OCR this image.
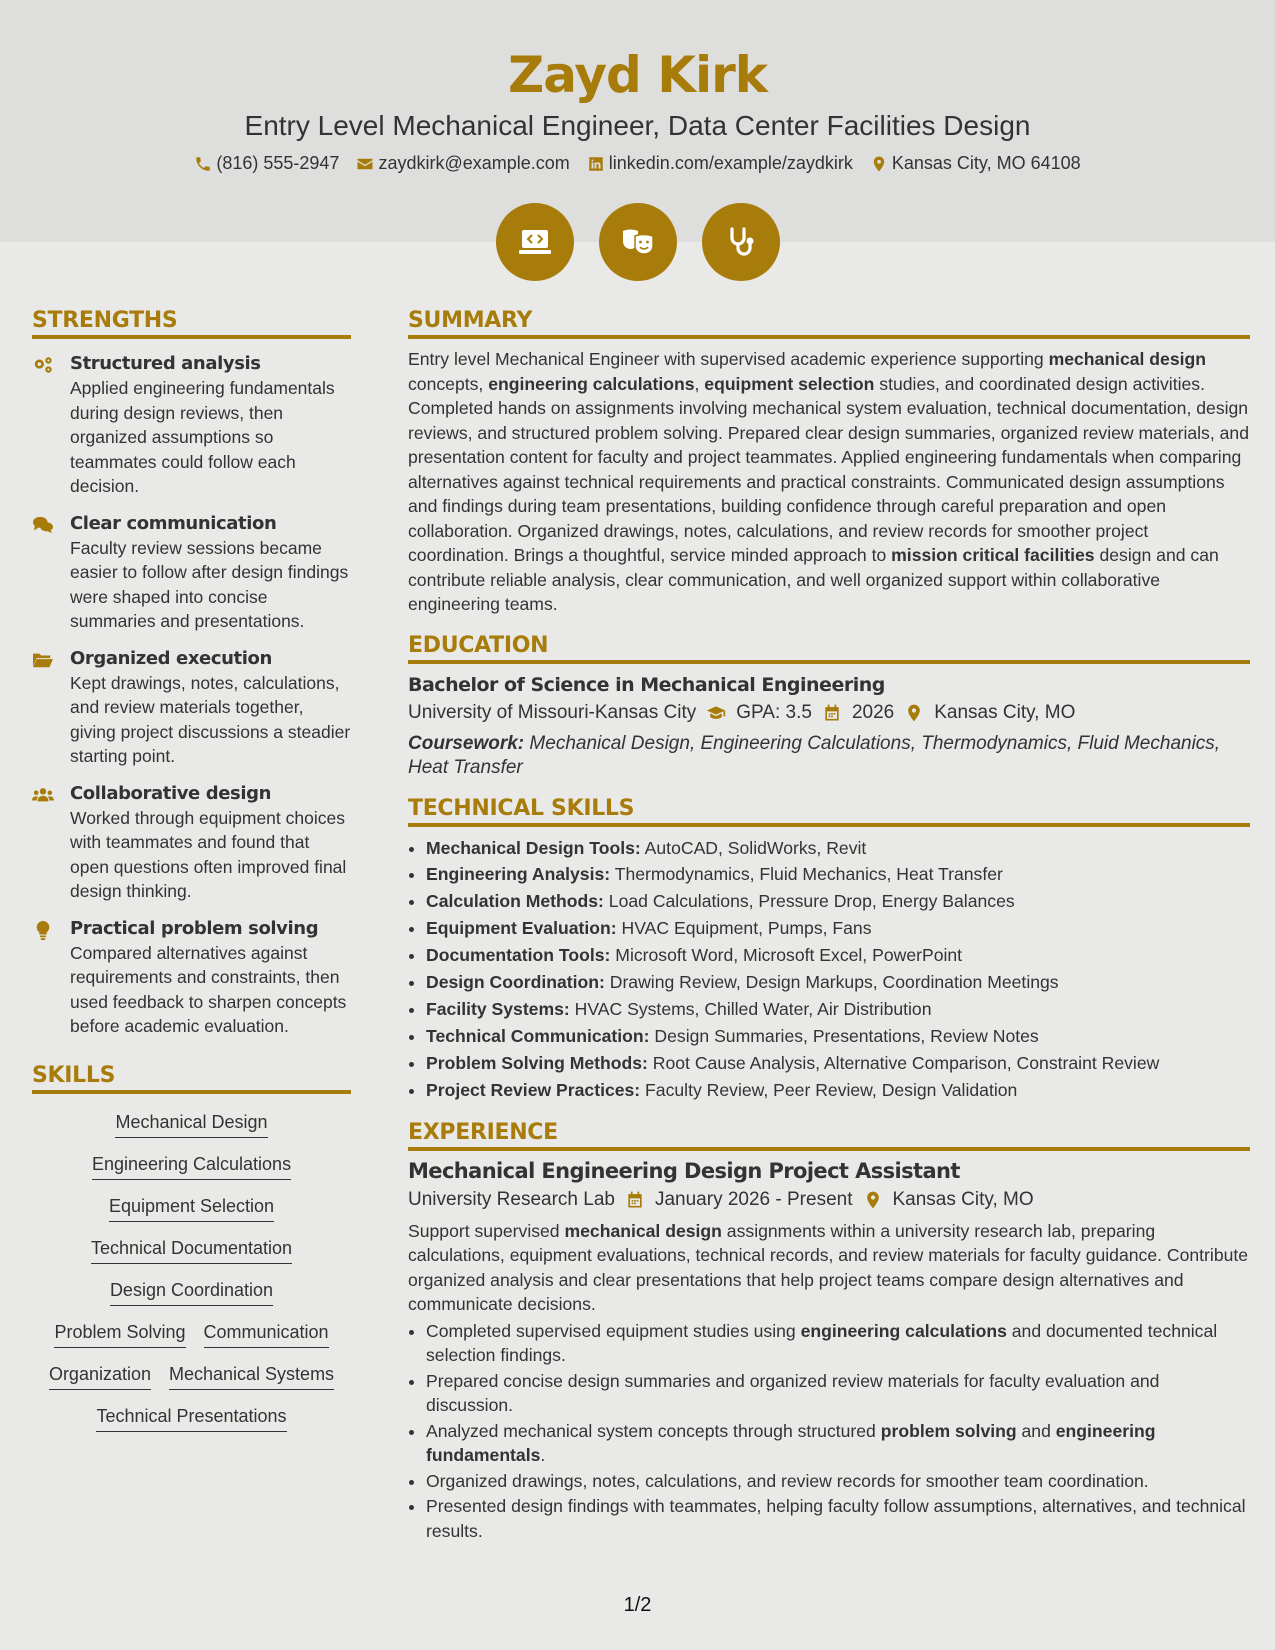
Zayd Kirk
Entry Level Mechanical Engineer, Data Center Facilities Design
(816) 555-2947 zaydkirk@example.com linkedin.com/example/zaydkirk Kansas City, MO 64108
STRENGTHS
Structured analysis
Applied engineering fundamentals during design reviews, then organized assumptions so teammates could follow each decision.
Clear communication
Faculty review sessions became easier to follow after design findings were shaped into concise summaries and presentations.
Organized execution
Kept drawings, notes, calculations, and review materials together, giving project discussions a steadier starting point.
Collaborative design
Worked through equipment choices with teammates and found that open questions often improved final design thinking.
Practical problem solving
Compared alternatives against requirements and constraints, then used feedback to sharpen concepts before academic evaluation.
SKILLS
Mechanical Design
Engineering Calculations
Equipment Selection
Technical Documentation
Design Coordination
Problem Solving Communication
Organization Mechanical Systems
Technical Presentations
SUMMARY
Entry level Mechanical Engineer with supervised academic experience supporting mechanical design concepts, engineering calculations, equipment selection studies, and coordinated design activities. Completed hands on assignments involving mechanical system evaluation, technical documentation, design reviews, and structured problem solving. Prepared clear design summaries, organized review materials, and presentation content for faculty and project teammates. Applied engineering fundamentals when comparing alternatives against technical requirements and practical constraints. Communicated design assumptions and findings during team presentations, building confidence through careful preparation and open collaboration. Organized drawings, notes, calculations, and review records for smoother project coordination. Brings a thoughtful, service minded approach to mission critical facilities design and can contribute reliable analysis, clear communication, and well organized support within collaborative engineering teams.
EDUCATION
Bachelor of Science in Mechanical Engineering
University of Missouri-Kansas City GPA: 3.5 2026 Kansas City, MO
Coursework: Mechanical Design, Engineering Calculations, Thermodynamics, Fluid Mechanics, Heat Transfer
TECHNICAL SKILLS
• Mechanical Design Tools: AutoCAD, SolidWorks, Revit
• Engineering Analysis: Thermodynamics, Fluid Mechanics, Heat Transfer
• Calculation Methods: Load Calculations, Pressure Drop, Energy Balances
• Equipment Evaluation: HVAC Equipment, Pumps, Fans
• Documentation Tools: Microsoft Word, Microsoft Excel, PowerPoint
• Design Coordination: Drawing Review, Design Markups, Coordination Meetings
• Facility Systems: HVAC Systems, Chilled Water, Air Distribution
• Technical Communication: Design Summaries, Presentations, Review Notes
• Problem Solving Methods: Root Cause Analysis, Alternative Comparison, Constraint Review
• Project Review Practices: Faculty Review, Peer Review, Design Validation
EXPERIENCE
Mechanical Engineering Design Project Assistant
University Research Lab January 2026 - Present Kansas City, MO
Support supervised mechanical design assignments within a university research lab, preparing calculations, equipment evaluations, technical records, and review materials for faculty guidance. Contribute organized analysis and clear presentations that help project teams compare design alternatives and communicate decisions.
• Completed supervised equipment studies using engineering calculations and documented technical selection findings.
• Prepared concise design summaries and organized review materials for faculty evaluation and discussion.
• Analyzed mechanical system concepts through structured problem solving and engineering fundamentals.
• Organized drawings, notes, calculations, and review records for smoother team coordination.
• Presented design findings with teammates, helping faculty follow assumptions, alternatives, and technical results.
1/2
